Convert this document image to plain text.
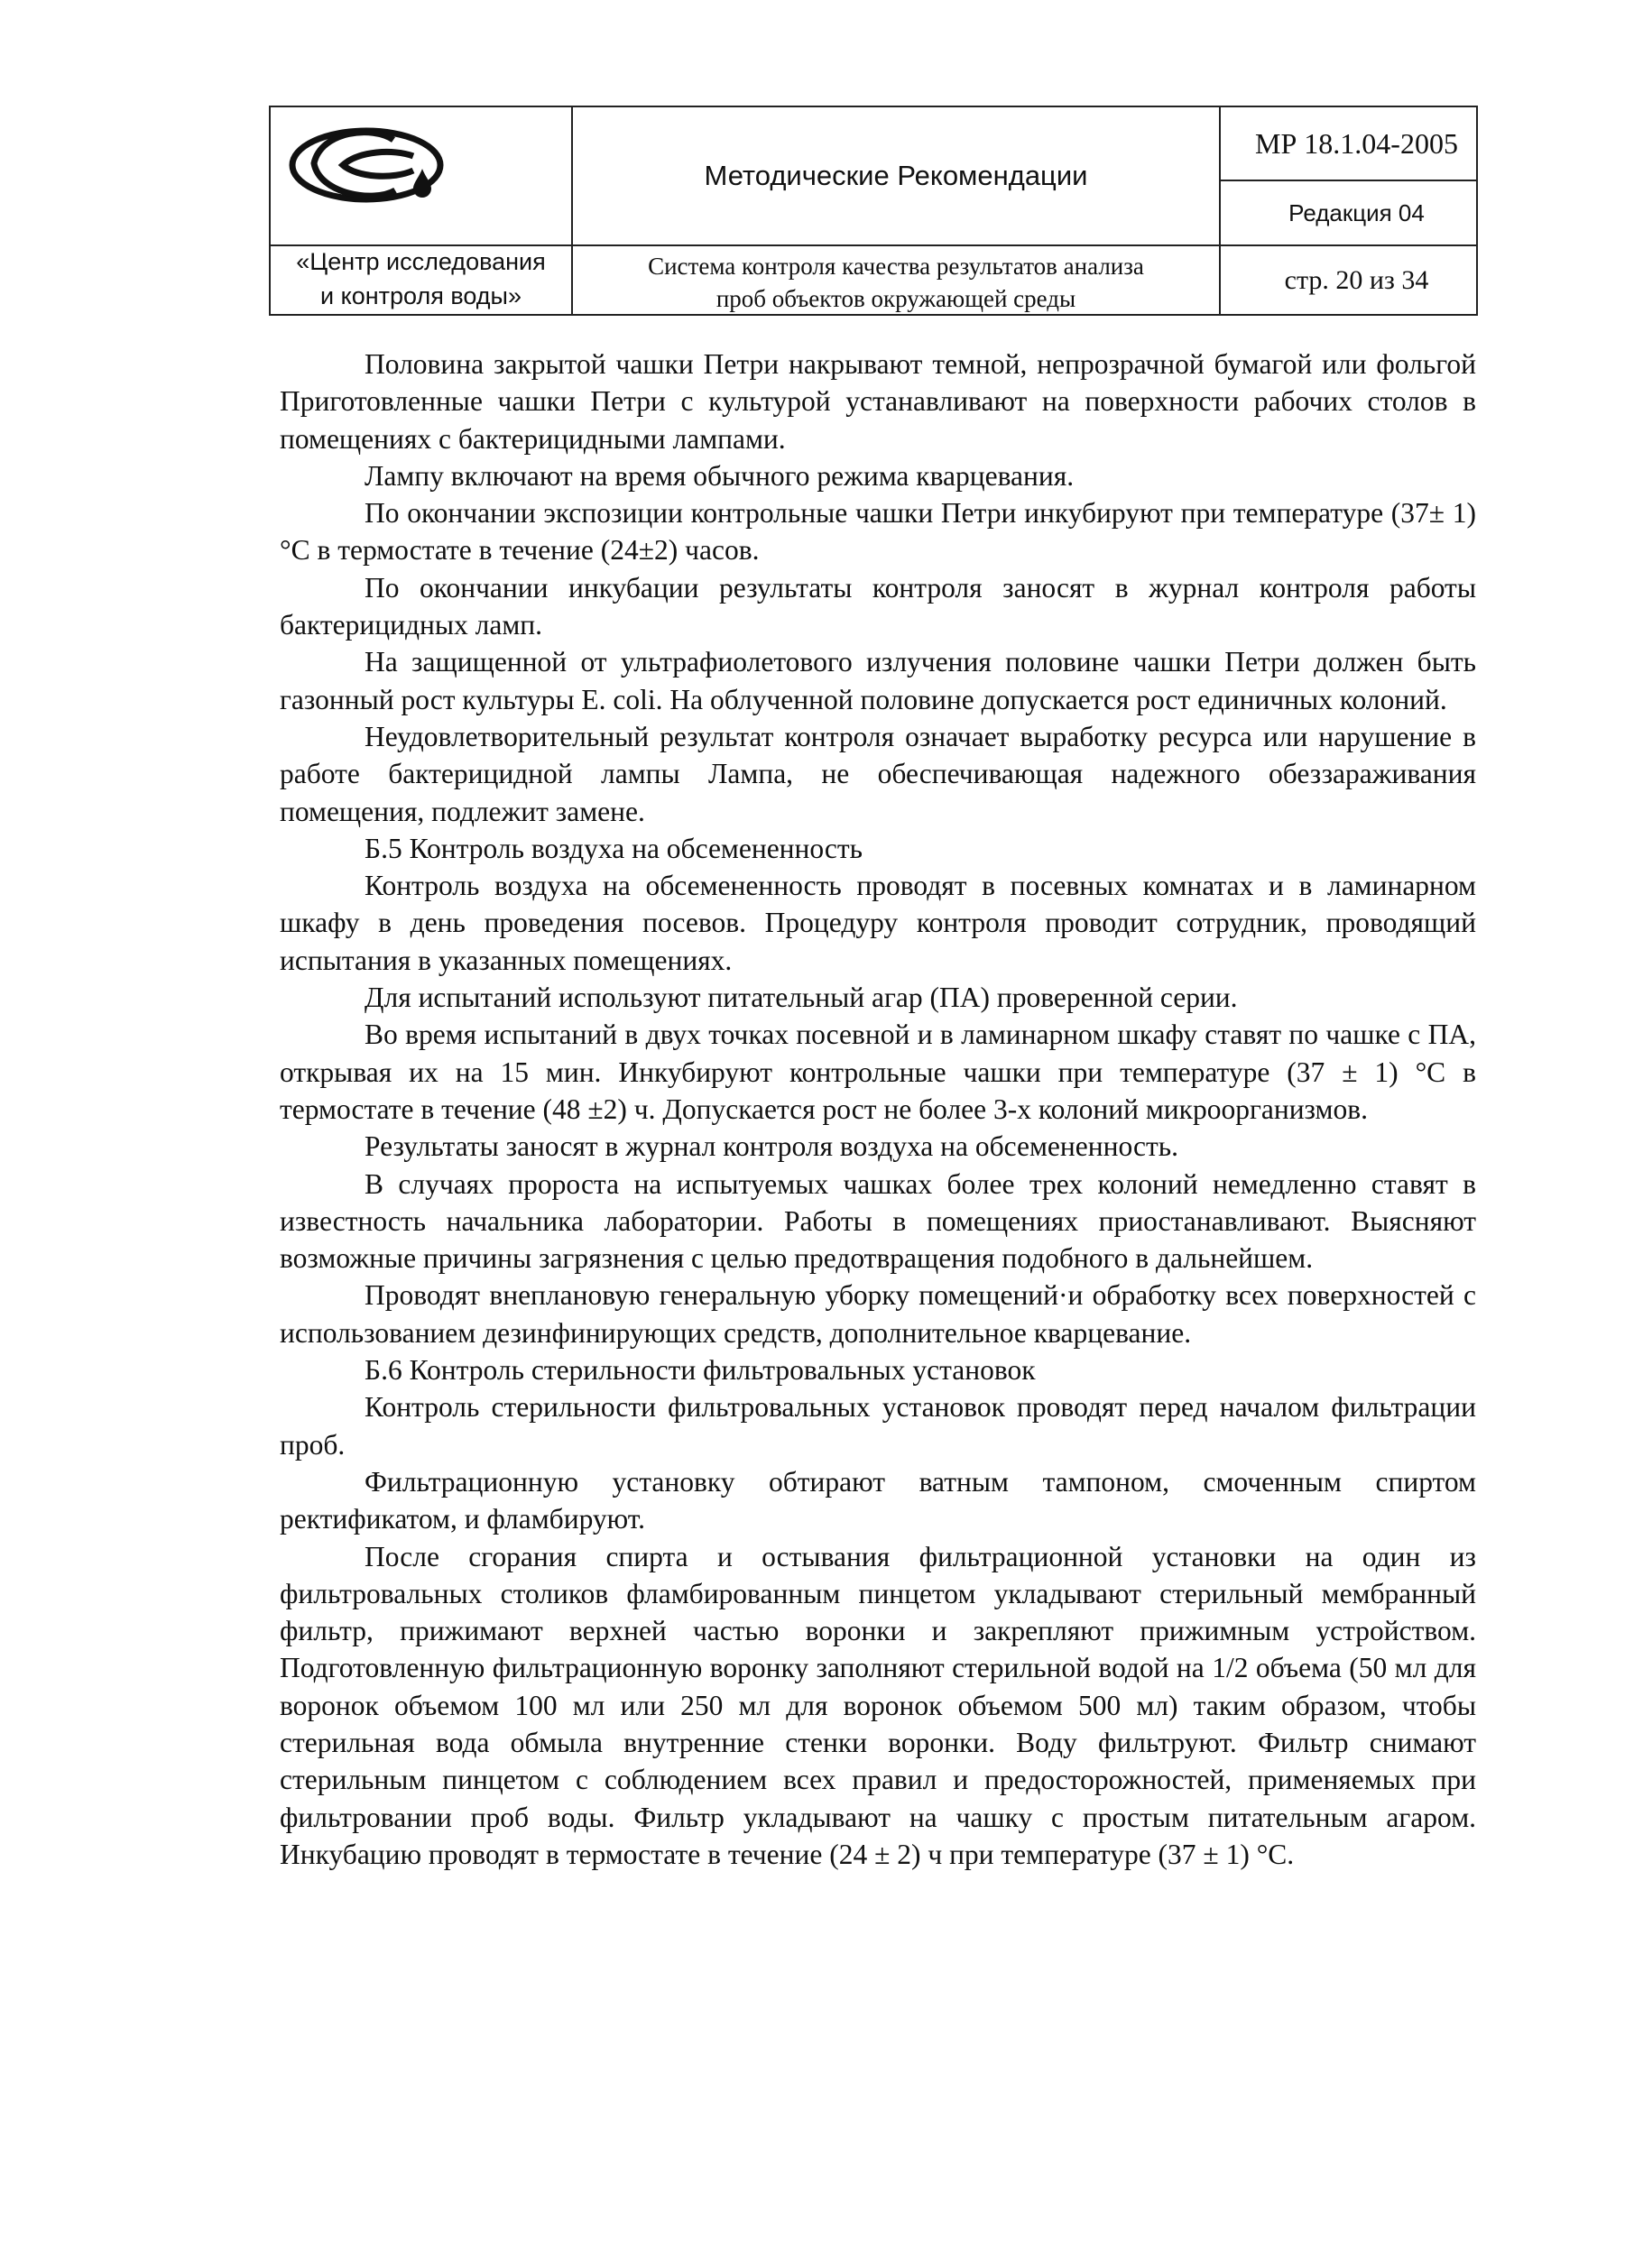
«Центр исследования
и контроля воды»
Методические Рекомендации
Система контроля качества результатов анализа
проб объектов окружающей среды
МР 18.1.04-2005
Редакция 04
стр. 20 из 34

Половина закрытой чашки Петри накрывают темной, непрозрачной бумагой или фольгой Приготовленные чашки Петри с культурой устанавливают на поверхности рабочих столов в помещениях с бактерицидными лампами.

Лампу включают на время обычного режима кварцевания.

По окончании экспозиции контрольные чашки Петри инкубируют при температуре (37± 1) °С в термостате в течение (24±2) часов.

По окончании инкубации результаты контроля заносят в журнал контроля работы бактерицидных ламп.

На защищенной от ультрафиолетового излучения половине чашки Петри должен быть газонный рост культуры E. coli. На облученной половине допускается рост единичных колоний.

Неудовлетворительный результат контроля означает выработку ресурса или нарушение в работе бактерицидной лампы Лампа, не обеспечивающая надежного обеззараживания помещения, подлежит замене.

Б.5 Контроль воздуха на обсемененность

Контроль воздуха на обсемененность проводят в посевных комнатах и в ламинарном шкафу в день проведения посевов. Процедуру контроля проводит сотрудник, проводящий испытания в указанных помещениях.

Для испытаний используют питательный агар (ПА) проверенной серии.

Во время испытаний в двух точках посевной и в ламинарном шкафу ставят по чашке с ПА, открывая их на 15 мин. Инкубируют контрольные чашки при температуре (37 ± 1) °С в термостате в течение (48 ±2) ч. Допускается рост не более 3-х колоний микроорганизмов.

Результаты заносят в журнал контроля воздуха на обсемененность.

В случаях пророста на испытуемых чашках более трех колоний немедленно ставят в известность начальника лаборатории. Работы в помещениях приостанавливают. Выясняют возможные причины загрязнения с целью предотвращения подобного в дальнейшем.

Проводят внеплановую генеральную уборку помещений·и обработку всех поверхностей с использованием дезинфинирующих средств, дополнительное кварцевание.

Б.6 Контроль стерильности фильтровальных установок

Контроль стерильности фильтровальных установок проводят перед началом фильтрации проб.

Фильтрационную установку обтирают ватным тампоном, смоченным спиртом ректификатом, и фламбируют.

После сгорания спирта и остывания фильтрационной установки на один из фильтровальных столиков фламбированным пинцетом укладывают стерильный мембранный фильтр, прижимают верхней частью воронки и закрепляют прижимным устройством. Подготовленную фильтрационную воронку заполняют стерильной водой на 1/2 объема (50 мл для воронок объемом 100 мл или 250 мл для воронок объемом 500 мл) таким образом, чтобы стерильная вода обмыла внутренние стенки воронки. Воду фильтруют. Фильтр снимают стерильным пинцетом с соблюдением всех правил и предосторожностей, применяемых при фильтровании проб воды. Фильтр укладывают на чашку с простым питательным агаром. Инкубацию проводят в термостате в течение (24 ± 2) ч при температуре (37 ± 1) °С.
